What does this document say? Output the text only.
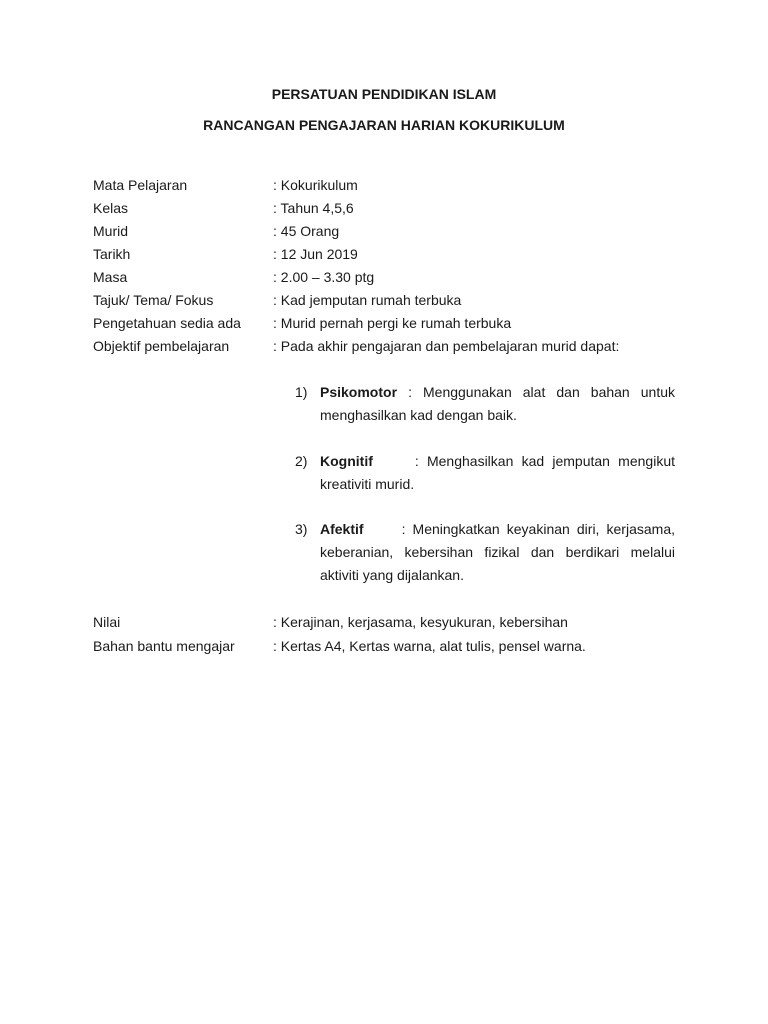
PERSATUAN PENDIDIKAN ISLAM
RANCANGAN PENGAJARAN HARIAN KOKURIKULUM
Mata Pelajaran	: Kokurikulum
Kelas	: Tahun 4,5,6
Murid	: 45 Orang
Tarikh	: 12 Jun 2019
Masa	: 2.00 – 3.30 ptg
Tajuk/ Tema/ Fokus	: Kad jemputan rumah terbuka
Pengetahuan sedia ada : Murid pernah pergi ke rumah terbuka
Objektif pembelajaran	: Pada akhir pengajaran dan pembelajaran murid dapat:
1) Psikomotor : Menggunakan alat dan bahan untuk
menghasilkan kad dengan baik.
2) Kognitif	: Menghasilkan kad jemputan mengikut
kreativiti murid.
3) Afektif	: Meningkatkan keyakinan diri, kerjasama,
keberanian, kebersihan fizikal dan berdikari melalui
aktiviti yang dijalankan.
Nilai	: Kerajinan, kerjasama, kesyukuran, kebersihan
Bahan bantu mengajar	: Kertas A4, Kertas warna, alat tulis, pensel warna.
